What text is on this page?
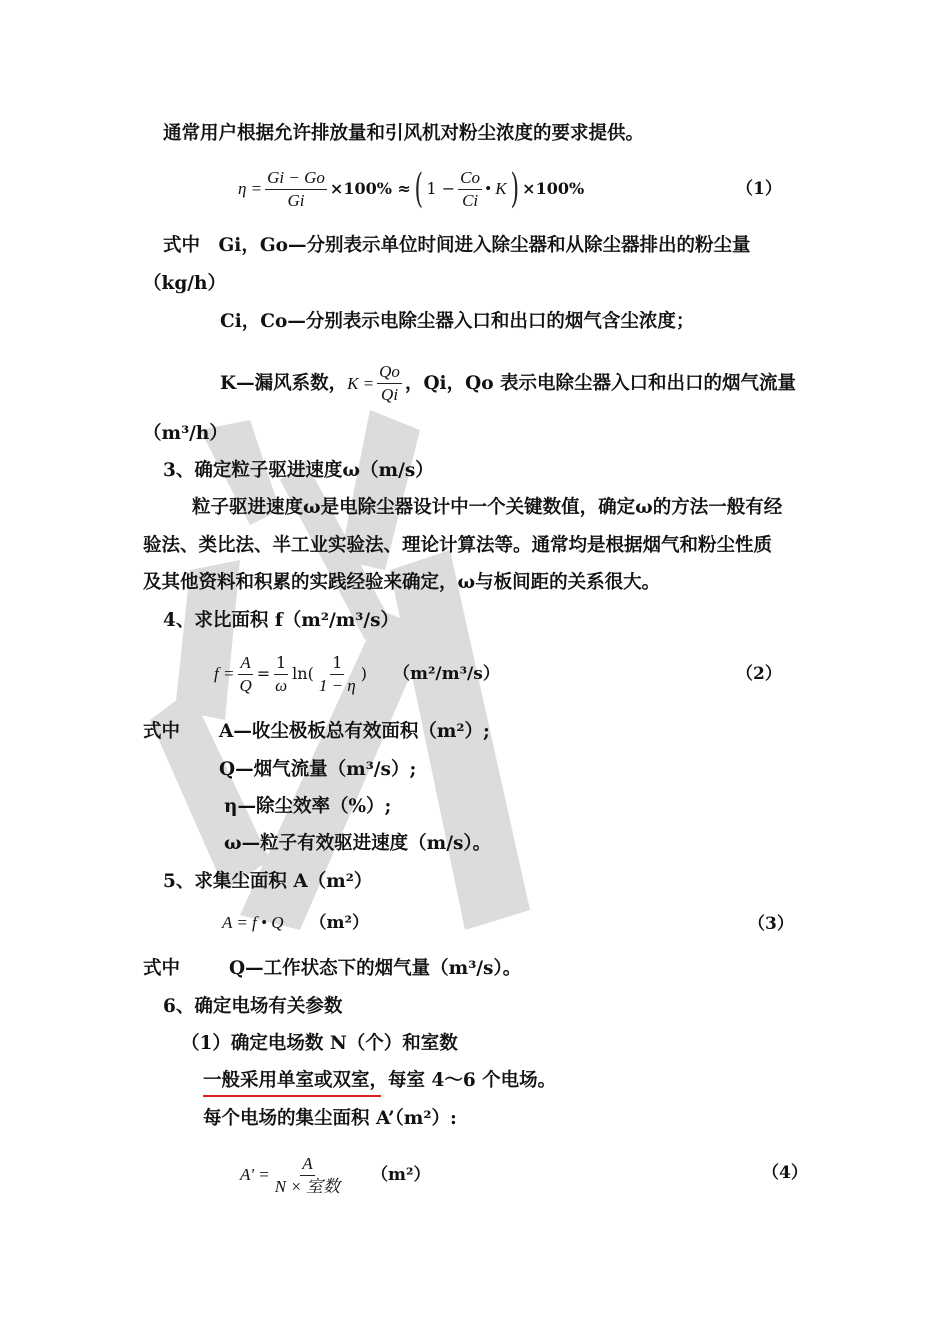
通常用户根据允许排放量和引风机对粉尘浓度的要求提供。
$\eta = \frac{Gi - Go}{Gi} \times 100\%$ ≈ ( $1 - \frac{Co}{Ci}$ • K ) ×100%	（1）
式中　Gi，Go—分别表示单位时间进入除尘器和从除尘器排出的粉尘量
（kg/h）
Ci，Co—分别表示电除尘器入口和出口的烟气含尘浓度；
K—漏风系数， $K = \frac{Qo}{Qi}$ ，Qi，Qo 表示电除尘器入口和出口的烟气流量
（m³/h）
3、确定粒子驱进速度ω（m/s）
粒子驱进速度ω是电除尘器设计中一个关键数值，确定ω的方法一般有经
验法、类比法、半工业实验法、理论计算法等。通常均是根据烟气和粉尘性质
及其他资料和积累的实践经验来确定，ω与板间距的关系很大。
4、求比面积 f（m²/m³/s）
$f = \frac{A}{Q} = \frac{1}{\omega} \ln( \frac{1}{1 - \eta}$ ) （m²/m³/s）	（2）
式中 A—收尘极板总有效面积（m²）;
Q—烟气流量（m³/s）;
η—除尘效率（%）;
ω—粒子有效驱进速度（m/s）。
5、求集尘面积 A（m²）
A = f • Q （m²）	（3）
式中	Q—工作状态下的烟气量（m³/s）。
6、确定电场有关参数
（1）确定电场数 N（个）和室数
一般采用单室或双室，每室 4～6 个电场。
每个电场的集尘面积 A’（m²）:
$A' = \frac{A}{\text{N × 室数}} (m^2)$	（4）
